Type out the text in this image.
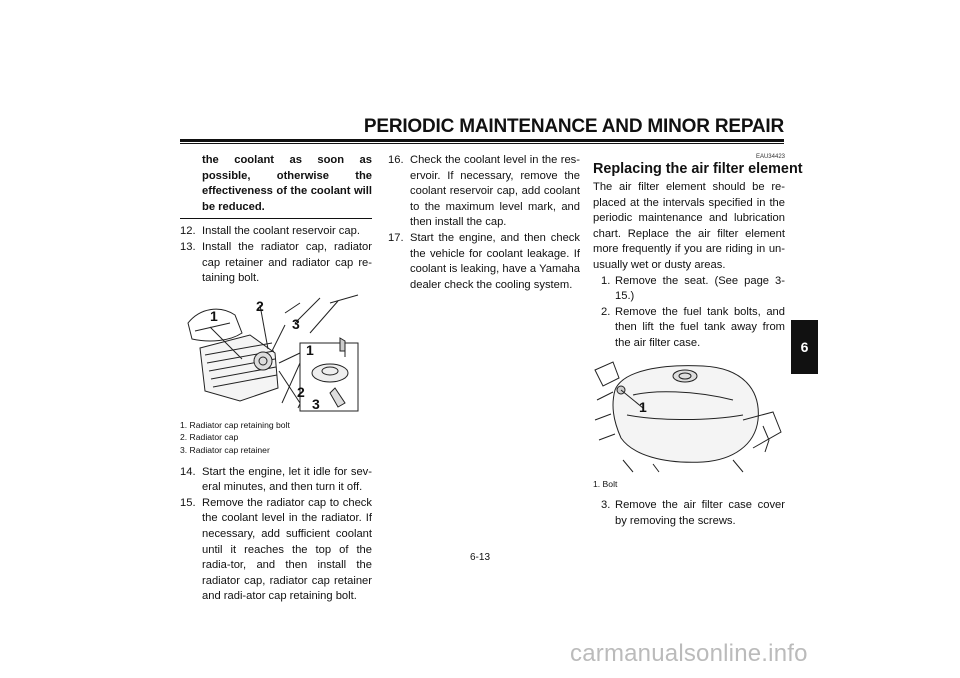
PERIODIC MAINTENANCE AND MINOR REPAIR
the coolant as soon as possible, otherwise the effectiveness of the coolant will be reduced.
12. Install the coolant reservoir cap.
13. Install the radiator cap, radiator cap retainer and radiator cap re-taining bolt.
1
2
3
1
2
3
1. Radiator cap retaining bolt
2. Radiator cap
3. Radiator cap retainer
14. Start the engine, let it idle for sev-eral minutes, and then turn it off.
15. Remove the radiator cap to check the coolant level in the radiator. If necessary, add sufficient coolant until it reaches the top of the radia-tor, and then install the radiator cap, radiator cap retainer and radi-ator cap retaining bolt.
16. Check the coolant level in the res-ervoir. If necessary, remove the coolant reservoir cap, add coolant to the maximum level mark, and then install the cap.
17. Start the engine, and then check the vehicle for coolant leakage. If coolant is leaking, have a Yamaha dealer check the cooling system.
EAU34423
Replacing the air filter element
The air filter element should be re-placed at the intervals specified in the periodic maintenance and lubrication chart. Replace the air filter element more frequently if you are riding in un-usually wet or dusty areas.
1. Remove the seat. (See page 3-15.)
2. Remove the fuel tank bolts, and then lift the fuel tank away from the air filter case.
1
1. Bolt
3. Remove the air filter case cover by removing the screws.
6-13
6
carmanualsonline.info
